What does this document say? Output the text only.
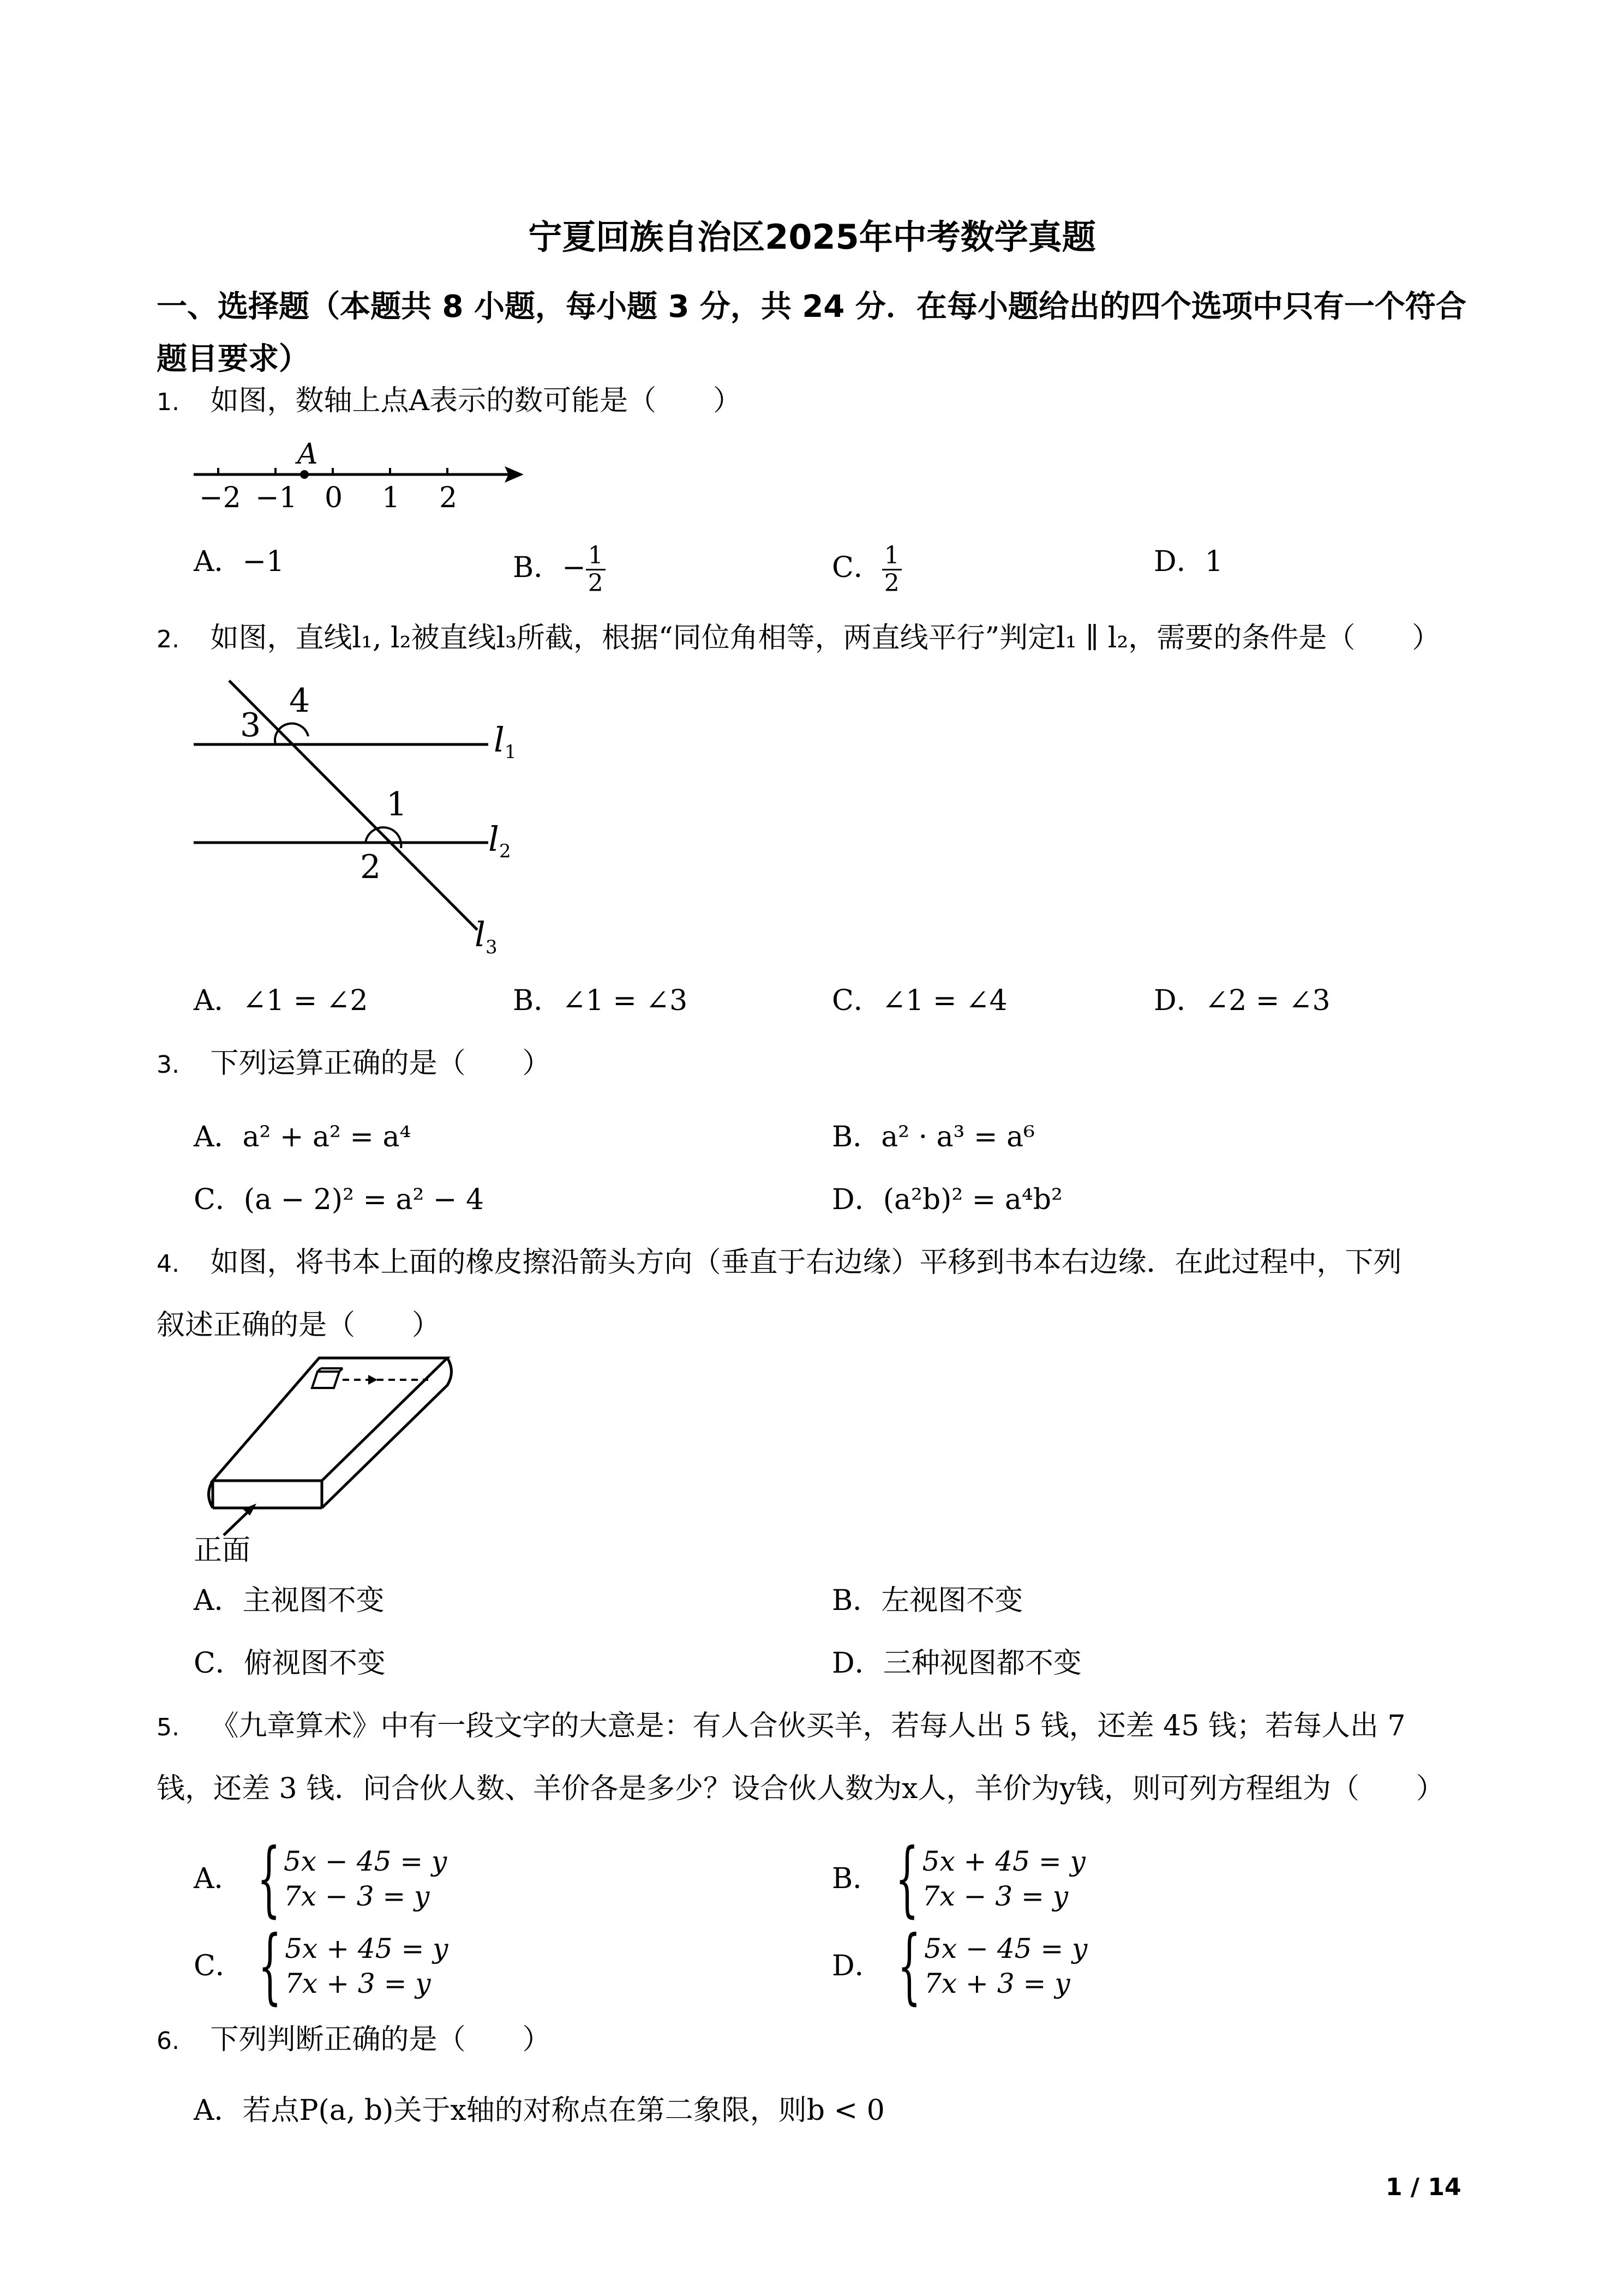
宁夏回族自治区2025年中考数学真题
一、选择题（本题共 8 小题，每小题 3 分，共 24 分．在每小题给出的四个选项中只有一个符合题目要求）
1. 如图，数轴上点A表示的数可能是（　　）
A
−2 −1 0 1 2
A．−1	B．− $\frac{1}{2}$	C． $\frac{1}{2}$	D．1
2. 如图，直线l₁, l₂被直线l₃所截，根据“同位角相等，两直线平行”判定l₁ ∥ l₂，需要的条件是（　　）
3
4
1
2
l 1
l 2
l 3
A．∠1 = ∠2	B．∠1 = ∠3	C．∠1 = ∠4	D．∠2 = ∠3
3. 下列运算正确的是（　　）
A．a² + a² = a⁴	B．a² · a³ = a⁶
C．(a − 2)² = a² − 4	D．(a²b)² = a⁴b²
4. 如图，将书本上面的橡皮擦沿箭头方向（垂直于右边缘）平移到书本右边缘．在此过程中，下列
叙述正确的是（　　）
正面
A．主视图不变	B．左视图不变
C．俯视图不变	D．三种视图都不变
5. 《九章算术》中有一段文字的大意是：有人合伙买羊，若每人出 5 钱，还差 45 钱；若每人出 7
钱，还差 3 钱．问合伙人数、羊价各是多少？设合伙人数为x人，羊价为y钱，则可列方程组为（　　）
A． { 5x − 45 = y
7x − 3 = y
B． { 5x + 45 = y
7x − 3 = y
C． { 5x + 45 = y
7x + 3 = y
D． { 5x − 45 = y
7x + 3 = y
6. 下列判断正确的是（　　）
A．若点P(a, b)关于x轴的对称点在第二象限，则b < 0
1 / 14
